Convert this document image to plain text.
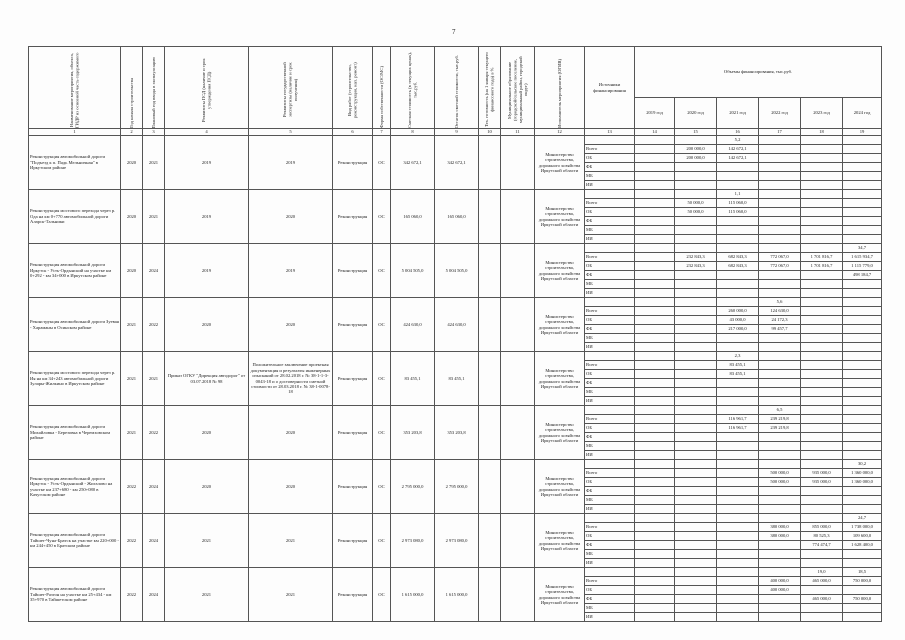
7
Наименование мероприятия, объекта, ГИДР из основной часть содержимого	Год начала строительства	Плановый год ввода в эксплуатацию	Реквизиты ПСД (наличие и срок утверждения ПСД)	Реквизиты государственной экспертизы (наличие и срок получения)	Вид работ (строительство, реконструкция, кап. ремонт)	Форма собственности (ОС/МС)	Сметная стоимость (в текущих ценах), тыс.руб.	Остаток сметной стоимости, тыс.руб.	Тех. готовность (на 1 января текущего финансового года) в %	Муниципальное образование (городской/сельское поселение, муниципальный район, городской округ)	Исполнитель мероприятия (ОГИВ)	Источники финансирования	Объемы финансирования, тыс.руб.					
													2019 год	2020 год	2021 год	2022 год	2023 год	2024 год
1	2	3	4	5	6	7	8	9	10	11	12	13	14	15	16	17	18	19
Реконструкция автомобильной дороги "Подъезд к п. Падь Мельничная" в Иркутском районе	2020	2021	2019	2019	Реконструкция	ОС	342 672,1	342 672,1			Министерство строительства, дорожного хозяйства Иркутской области				5,2			
												Всего		200 000,0	142 672,1			
												ОБ		200 000,0	142 672,1			
												ФБ						
												МБ						
												ИИ						
Реконструкция мостового перехода через р. Ода на км 0+770 автомобильной дороги Аларск-Тальники	2020	2021	2019	2020	Реконструкция	ОС	165 060,0	165 060,0			Министерство строительства, дорожного хозяйства Иркутской области				1,1			
												Всего		50 000,0	115 060,0			
												ОБ		50 000,0	115 060,0			
												ФБ						
												МБ						
												ИИ						
Реконструкция автомобильной дороги Иркутск - Усть-Ордынский на участке км 0+292 - км 34+000 в Иркутском районе	2020	2024	2019	2019	Реконструкция	ОС	5 004 505,0	5 004 505,0			Министерство строительства, дорожного хозяйства Иркутской области							34,7
												Всего		232 843,3	682 843,3	772 067,0	1 701 816,7	1 615 934,7
												ОБ		232 843,3	682 843,3	772 067,0	1 701 816,7	1 115 779,0
												ФБ						498 184,7
												МБ						
												ИИ						
Реконструкция автомобильной дороги Зуевая - Хараманы в Осинском районе	2021	2022	2020	2020	Реконструкция	ОС	424 630,0	424 630,0			Министерство строительства, дорожного хозяйства Иркутской области					5,6		
												Всего			260 000,0	124 630,0		
												ОБ			43 000,0	24 172,3		
												ФБ			217 000,0	99 457,7		
												МБ						
												ИИ						
Реконструкция мостового перехода через р. Ия на км 34+243 автомобильной дороги Зулары-Жилкино в Иркутском районе	2021	2021	Приказ ОГКУ "Дирекция автодорог" от 03.07.2018 № 98	Положительное заключение проектная документация и результаты инженерных изысканий от 28.02.2018 г. № 38-1-1-3-0043-18 и о достоверности сметной стоимости от 28.03.2018 г. № 38-1-0078-18	Реконструкция	ОС	83 455,1	83 455,1			Министерство строительства, дорожного хозяйства Иркутской области				2,3			
												Всего			83 455,1			
												ОБ			83 455,1			
												ФБ						
												МБ						
												ИИ						
Реконструкция автомобильной дороги Михайловка - Березовка в Черемховском районе	2021	2022	2020	2020	Реконструкция	ОС	353 203,8	353 203,8			Министерство строительства, дорожного хозяйства Иркутской области					6,5		
												Всего			116 961,7	239 219,8		
												ОБ			116 961,7	239 219,8		
												ФБ						
												МБ						
												ИИ						
Реконструкция автомобильной дороги Иркутск - Усть-Ордынский - Жигалово на участке км 237+680 - км 250+080 в Качугском районе	2022	2024	2020	2020	Реконструкция	ОС	2 795 000,0	2 795 000,0			Министерство строительства, дорожного хозяйства Иркутской области							30,2
												Всего				500 000,0	935 000,0	1 360 000,0
												ОБ				500 000,0	935 000,0	1 360 000,0
												ФБ						
												МБ						
												ИИ						
Реконструкция автомобильной дороги Тайшет-Чуна-Братск на участке км 220+000 - км 244+450 в Братском районе	2022	2024	2021	2021	Реконструкция	ОС	2 973 080,0	2 973 080,0			Министерство строительства, дорожного хозяйства Иркутской области							24,7
												Всего				380 000,0	855 000,0	1 738 000,0
												ОБ				380 000,0	80 525,3	109 600,0
												ФБ					774 474,7	1 628 400,0
												МБ						
												ИИ						
Реконструкция автомобильной дороги Тайшет-Разгон на участке км 25+434 - км 35+970 в Тайшетском районе	2022	2024	2021	2021	Реконструкция	ОС	1 615 000,0	1 615 000,0			Министерство строительства, дорожного хозяйства Иркутской области						19,0	18,5
												Всего				400 000,0	465 000,0	750 000,0
												ОБ				400 000,0		
												ФБ					465 000,0	750 000,0
												МБ						
												ИИ						
